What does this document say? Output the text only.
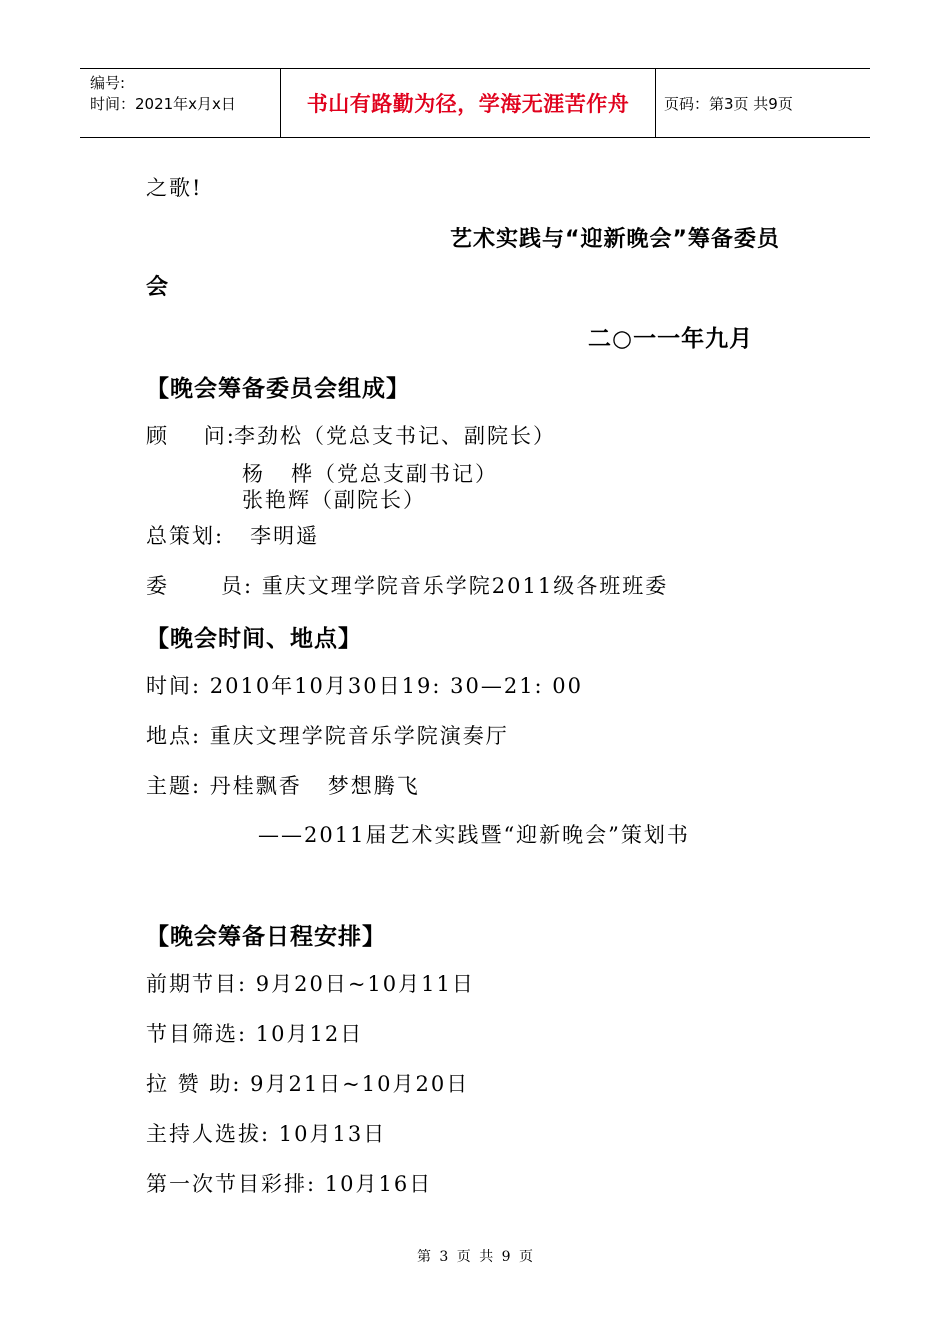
编号:
时间：2021年x月x日	书山有路勤为径，学海无涯苦作舟	页码：第3页 共9页
之歌!
艺术实践与“迎新晚会”筹备委员
会
二○一一年九月
【晚会筹备委员会组成】
顾    问:
李劲松（党总支书记、副院长）
杨   桦（党总支副书记）
张艳辉（副院长）
总策划:   李明遥
委      员: 重庆文理学院音乐学院2011级各班班委
【晚会时间、地点】
时间: 2010年10月30日19: 30—21: 00
地点: 重庆文理学院音乐学院演奏厅
主题: 丹桂飘香   梦想腾飞
——2011届艺术实践暨“迎新晚会”策划书
【晚会筹备日程安排】
前期节目: 9月20日~10月11日
节目筛选: 10月12日
拉 赞 助: 9月21日~10月20日
主持人选拔: 10月13日
第一次节目彩排: 10月16日
第 3 页 共 9 页
